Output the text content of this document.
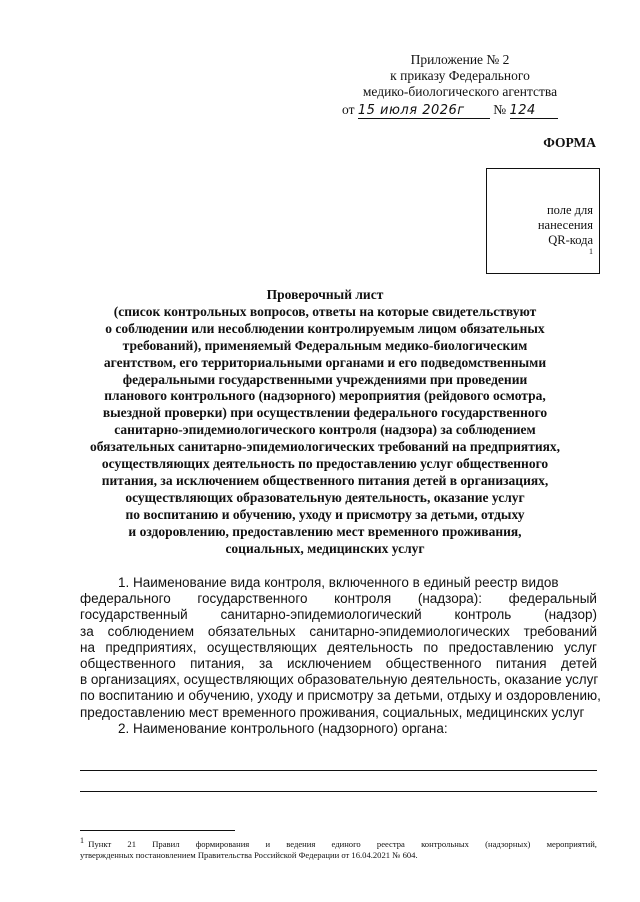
Приложение № 2
к приказу Федерального
медико-биологического агентства
от 15 июля 2026г № 124
ФОРМА
поле для
нанесения
QR-кода
$^1$
Проверочный лист
(список контрольных вопросов, ответы на которые свидетельствуют
о соблюдении или несоблюдении контролируемым лицом обязательных
требований), применяемый Федеральным медико-биологическим
агентством, его территориальными органами и его подведомственными
федеральными государственными учреждениями при проведении
планового контрольного (надзорного) мероприятия (рейдового осмотра,
выездной проверки) при осуществлении федерального государственного
санитарно-эпидемиологического контроля (надзора) за соблюдением
обязательных санитарно-эпидемиологических требований на предприятиях,
осуществляющих деятельность по предоставлению услуг общественного
питания, за исключением общественного питания детей в организациях,
осуществляющих образовательную деятельность, оказание услуг
по воспитанию и обучению, уходу и присмотру за детьми, отдыху
и оздоровлению, предоставлению мест временного проживания,
социальных, медицинских услуг
1. Наименование вида контроля, включенного в единый реестр видов
федерального государственного контроля (надзора): федеральный
государственный санитарно-эпидемиологический контроль (надзор)
за соблюдением обязательных санитарно-эпидемиологических требований
на предприятиях, осуществляющих деятельность по предоставлению услуг
общественного питания, за исключением общественного питания детей
в организациях, осуществляющих образовательную деятельность, оказание услуг
по воспитанию и обучению, уходу и присмотру за детьми, отдыху и оздоровлению,
предоставлению мест временного проживания, социальных, медицинских услуг
2. Наименование контрольного (надзорного) органа:
$^1$  Пункт 21 Правил формирования и ведения единого реестра контрольных (надзорных) мероприятий,
утвержденных постановлением Правительства Российской Федерации от 16.04.2021 № 604.
